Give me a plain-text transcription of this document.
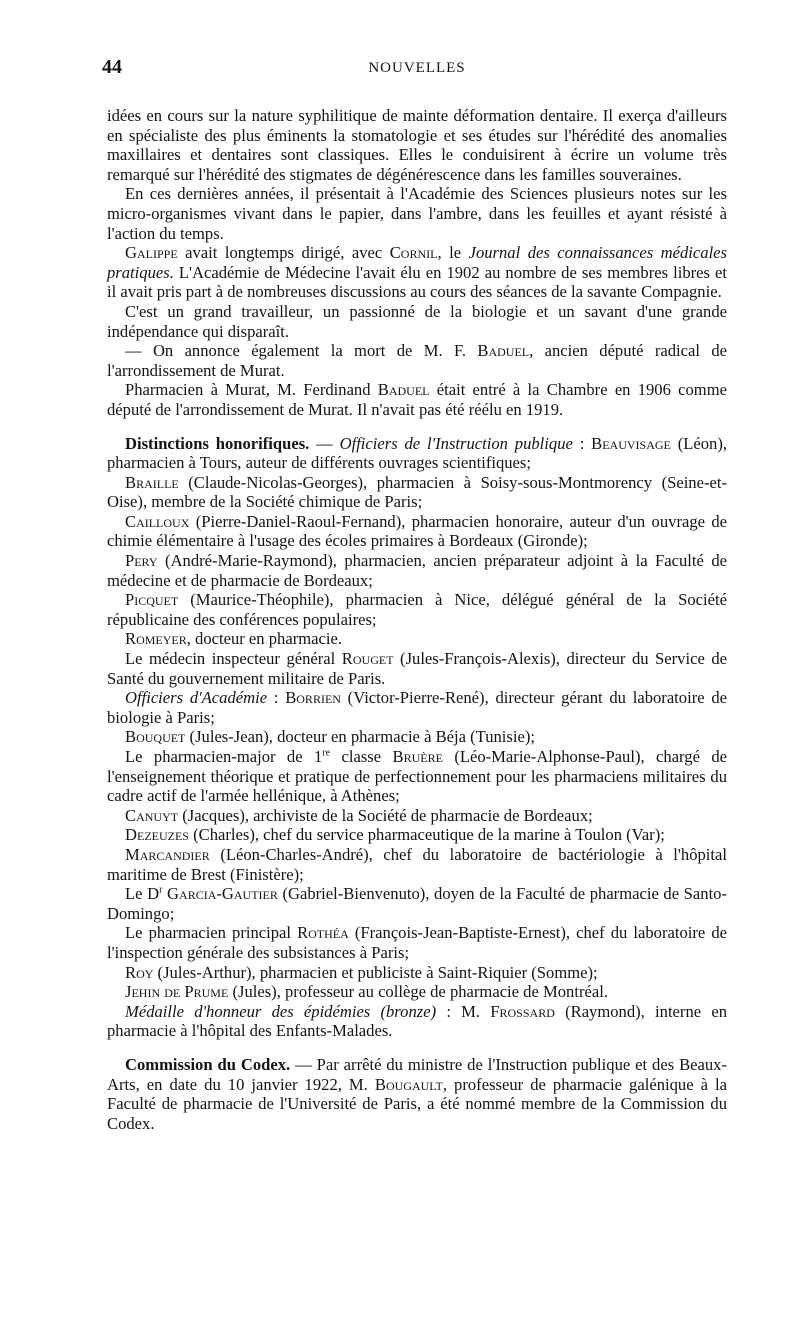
44	NOUVELLES

idées en cours sur la nature syphilitique de mainte déformation dentaire. Il exerça d'ailleurs en spécialiste des plus éminents la stomatologie et ses études sur l'hérédité des anomalies maxillaires et dentaires sont classiques. Elles le conduisirent à écrire un volume très remarqué sur l'hérédité des stigmates de dégénérescence dans les familles souveraines.

En ces dernières années, il présentait à l'Académie des Sciences plusieurs notes sur les micro-organismes vivant dans le papier, dans l'ambre, dans les feuilles et ayant résisté à l'action du temps.

Galippe avait longtemps dirigé, avec Cornil, le Journal des connaissances médicales pratiques. L'Académie de Médecine l'avait élu en 1902 au nombre de ses membres libres et il avait pris part à de nombreuses discussions au cours des séances de la savante Compagnie.

C'est un grand travailleur, un passionné de la biologie et un savant d'une grande indépendance qui disparaît.

— On annonce également la mort de M. F. Baduel, ancien député radical de l'arrondissement de Murat.

Pharmacien à Murat, M. Ferdinand Baduel était entré à la Chambre en 1906 comme député de l'arrondissement de Murat. Il n'avait pas été réélu en 1919.

Distinctions honorifiques. — Officiers de l'Instruction publique : Beauvisage (Léon), pharmacien à Tours, auteur de différents ouvrages scientifiques;

Braille (Claude-Nicolas-Georges), pharmacien à Soisy-sous-Montmorency (Seine-et-Oise), membre de la Société chimique de Paris;

Cailloux (Pierre-Daniel-Raoul-Fernand), pharmacien honoraire, auteur d'un ouvrage de chimie élémentaire à l'usage des écoles primaires à Bordeaux (Gironde);

Pery (André-Marie-Raymond), pharmacien, ancien préparateur adjoint à la Faculté de médecine et de pharmacie de Bordeaux;

Picquet (Maurice-Théophile), pharmacien à Nice, délégué général de la Société républicaine des conférences populaires;

Romeyer, docteur en pharmacie.

Le médecin inspecteur général Rouget (Jules-François-Alexis), directeur du Service de Santé du gouvernement militaire de Paris.

Officiers d'Académie : Borrien (Victor-Pierre-René), directeur gérant du laboratoire de biologie à Paris;

Bouquet (Jules-Jean), docteur en pharmacie à Béja (Tunisie);

Le pharmacien-major de 1re classe Bruère (Léo-Marie-Alphonse-Paul), chargé de l'enseignement théorique et pratique de perfectionnement pour les pharmaciens militaires du cadre actif de l'armée hellénique, à Athènes;

Canuyt (Jacques), archiviste de la Société de pharmacie de Bordeaux;

Dezeuzes (Charles), chef du service pharmaceutique de la marine à Toulon (Var);

Marcandier (Léon-Charles-André), chef du laboratoire de bactériologie à l'hôpital maritime de Brest (Finistère);

Le $D^r$ Garcia-Gautier (Gabriel-Bienvenuto), doyen de la Faculté de pharmacie de Santo-Domingo;

Le pharmacien principal Rothéa (François-Jean-Baptiste-Ernest), chef du laboratoire de l'inspection générale des subsistances à Paris;

Roy (Jules-Arthur), pharmacien et publiciste à Saint-Riquier (Somme);

Jehin de Prume (Jules), professeur au collège de pharmacie de Montréal.

Médaille d'honneur des épidémies (bronze) : M. Frossard (Raymond), interne en pharmacie à l'hôpital des Enfants-Malades.

Commission du Codex. — Par arrêté du ministre de l'Instruction publique et des Beaux-Arts, en date du 10 janvier 1922, M. Bougault, professeur de pharmacie galénique à la Faculté de pharmacie de l'Université de Paris, a été nommé membre de la Commission du Codex.
